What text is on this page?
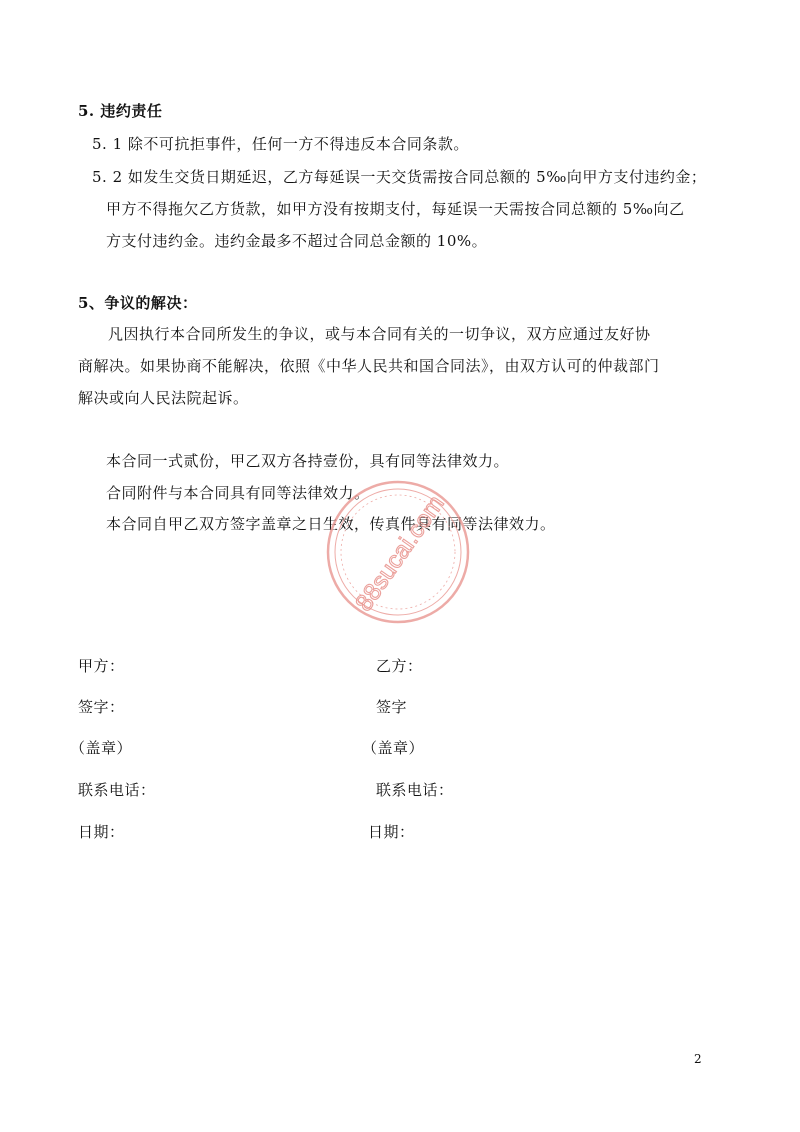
5. 违约责任
5. 1 除不可抗拒事件，任何一方不得违反本合同条款。
5. 2 如发生交货日期延迟，乙方每延误一天交货需按合同总额的 5‰向甲方支付违约金；
甲方不得拖欠乙方货款，如甲方没有按期支付，每延误一天需按合同总额的 5‰向乙
方支付违约金。违约金最多不超过合同总金额的 10%。
5、争议的解决：
凡因执行本合同所发生的争议，或与本合同有关的一切争议，双方应通过友好协
商解决。如果协商不能解决，依照《中华人民共和国合同法》，由双方认可的仲裁部门
解决或向人民法院起诉。
本合同一式贰份，甲乙双方各持壹份，具有同等法律效力。
合同附件与本合同具有同等法律效力。
本合同自甲乙双方签字盖章之日生效，传真件具有同等法律效力。
88sucai.com
甲方：
签字：
（盖章）
联系电话：
日期：
乙方：
签字
（盖章）
联系电话：
日期：
2
